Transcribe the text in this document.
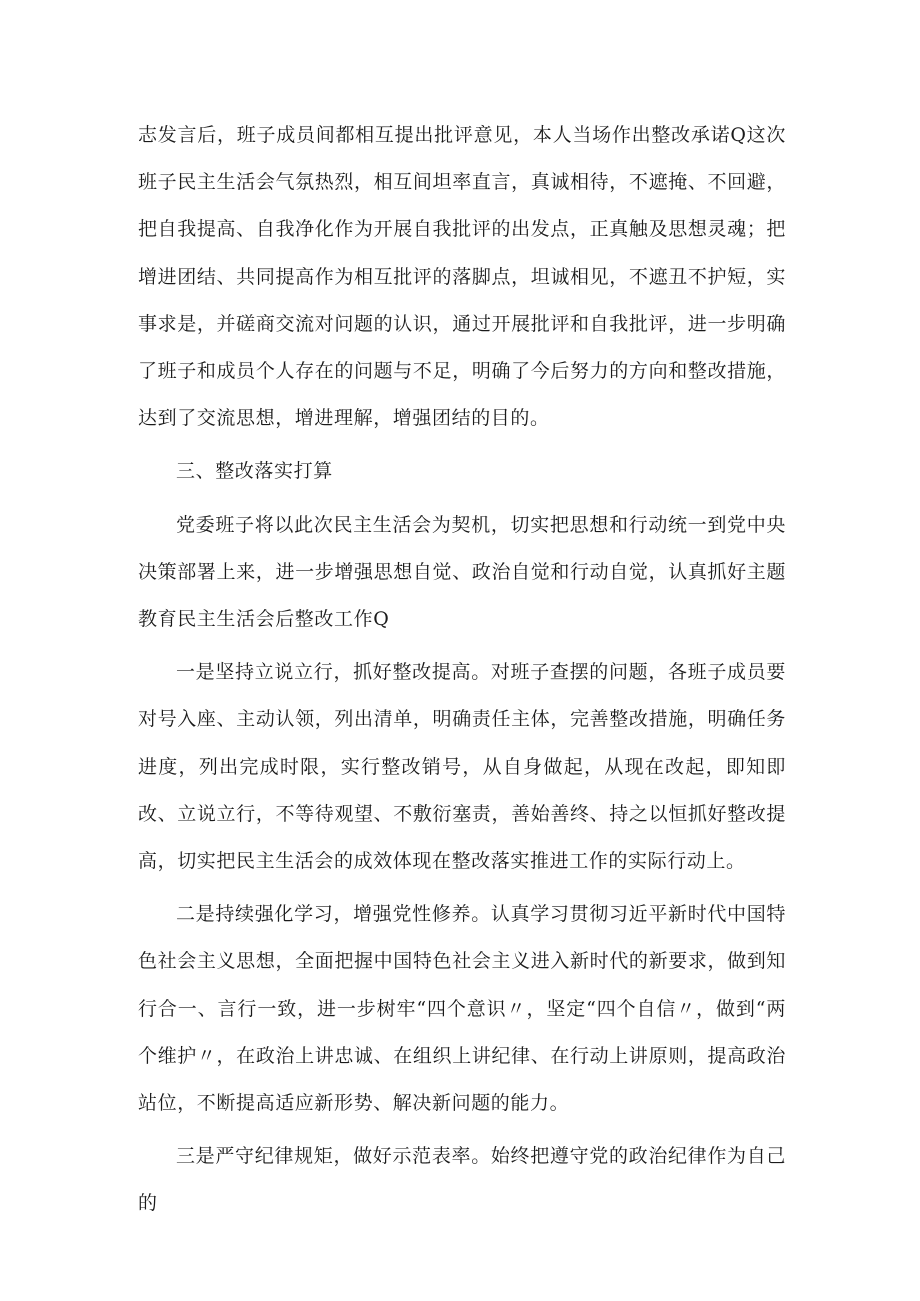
志发言后，班子成员间都相互提出批评意见，本人当场作出整改承诺Q这次班子民主生活会气氛热烈，相互间坦率直言，真诚相待，不遮掩、不回避，把自我提高、自我净化作为开展自我批评的出发点，正真触及思想灵魂；把增进团结、共同提高作为相互批评的落脚点，坦诚相见，不遮丑不护短，实事求是，并磋商交流对问题的认识，通过开展批评和自我批评，进一步明确了班子和成员个人存在的问题与不足，明确了今后努力的方向和整改措施，达到了交流思想，增进理解，增强团结的目的。

三、整改落实打算

党委班子将以此次民主生活会为契机，切实把思想和行动统一到党中央决策部署上来，进一步增强思想自觉、政治自觉和行动自觉，认真抓好主题教育民主生活会后整改工作Q

一是坚持立说立行，抓好整改提高。对班子查摆的问题，各班子成员要对号入座、主动认领，列出清单，明确责任主体，完善整改措施，明确任务进度，列出完成时限，实行整改销号，从自身做起，从现在改起，即知即改、立说立行，不等待观望、不敷衍塞责，善始善终、持之以恒抓好整改提高，切实把民主生活会的成效体现在整改落实推进工作的实际行动上。

二是持续强化学习，增强党性修养。认真学习贯彻习近平新时代中国特色社会主义思想，全面把握中国特色社会主义进入新时代的新要求，做到知行合一、言行一致，进一步树牢“四个意识〃，坚定“四个自信〃，做到“两个维护〃，在政治上讲忠诚、在组织上讲纪律、在行动上讲原则，提高政治站位，不断提高适应新形势、解决新问题的能力。

三是严守纪律规矩，做好示范表率。始终把遵守党的政治纪律作为自己的
